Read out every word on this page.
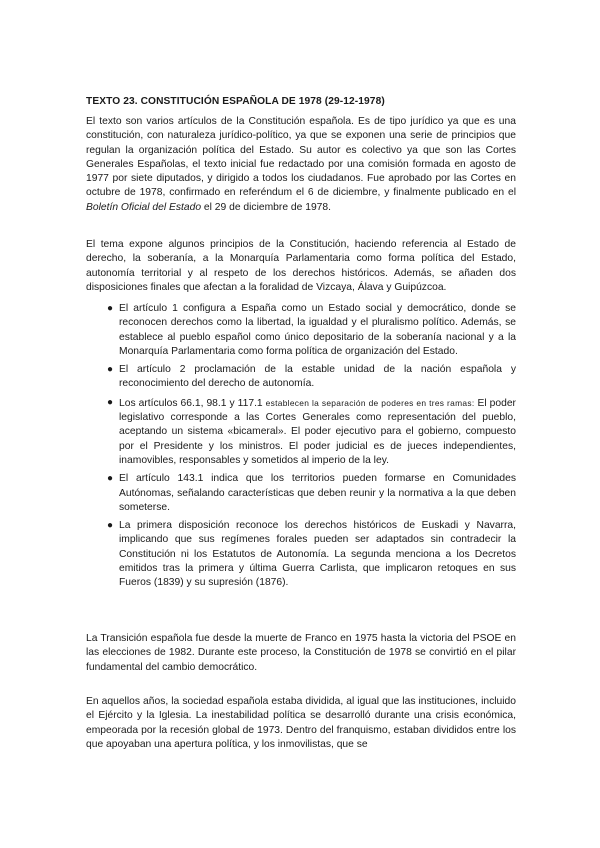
TEXTO 23. CONSTITUCIÓN ESPAÑOLA DE 1978 (29-12-1978)

El texto son varios artículos de la Constitución española. Es de tipo jurídico ya que es una constitución, con naturaleza jurídico-político, ya que se exponen una serie de principios que regulan la organización política del Estado. Su autor es colectivo ya que son las Cortes Generales Españolas, el texto inicial fue redactado por una comisión formada en agosto de 1977 por siete diputados, y dirigido a todos los ciudadanos. Fue aprobado por las Cortes en octubre de 1978, confirmado en referéndum el 6 de diciembre, y finalmente publicado en el Boletín Oficial del Estado el 29 de diciembre de 1978.

El tema expone algunos principios de la Constitución, haciendo referencia al Estado de derecho, la soberanía, a la Monarquía Parlamentaria como forma política del Estado, autonomía territorial y al respeto de los derechos históricos. Además, se añaden dos disposiciones finales que afectan a la foralidad de Vizcaya, Álava y Guipúzcoa.

● El artículo 1 configura a España como un Estado social y democrático, donde se reconocen derechos como la libertad, la igualdad y el pluralismo político. Además, se establece al pueblo español como único depositario de la soberanía nacional y a la Monarquía Parlamentaria como forma política de organización del Estado.
● El artículo 2 proclamación de la estable unidad de la nación española y reconocimiento del derecho de autonomía.
● Los artículos 66.1, 98.1 y 117.1 establecen la separación de poderes en tres ramas: El poder legislativo corresponde a las Cortes Generales como representación del pueblo, aceptando un sistema «bicameral». El poder ejecutivo para el gobierno, compuesto por el Presidente y los ministros. El poder judicial es de jueces independientes, inamovibles, responsables y sometidos al imperio de la ley.
● El artículo 143.1 indica que los territorios pueden formarse en Comunidades Autónomas, señalando características que deben reunir y la normativa a la que deben someterse.
● La primera disposición reconoce los derechos históricos de Euskadi y Navarra, implicando que sus regímenes forales pueden ser adaptados sin contradecir la Constitución ni los Estatutos de Autonomía. La segunda menciona a los Decretos emitidos tras la primera y última Guerra Carlista, que implicaron retoques en sus Fueros (1839) y su supresión (1876).

La Transición española fue desde la muerte de Franco en 1975 hasta la victoria del PSOE en las elecciones de 1982. Durante este proceso, la Constitución de 1978 se convirtió en el pilar fundamental del cambio democrático.

En aquellos años, la sociedad española estaba dividida, al igual que las instituciones, incluido el Ejército y la Iglesia. La inestabilidad política se desarrolló durante una crisis económica, empeorada por la recesión global de 1973. Dentro del franquismo, estaban divididos entre los que apoyaban una apertura política, y los inmovilistas, que se
